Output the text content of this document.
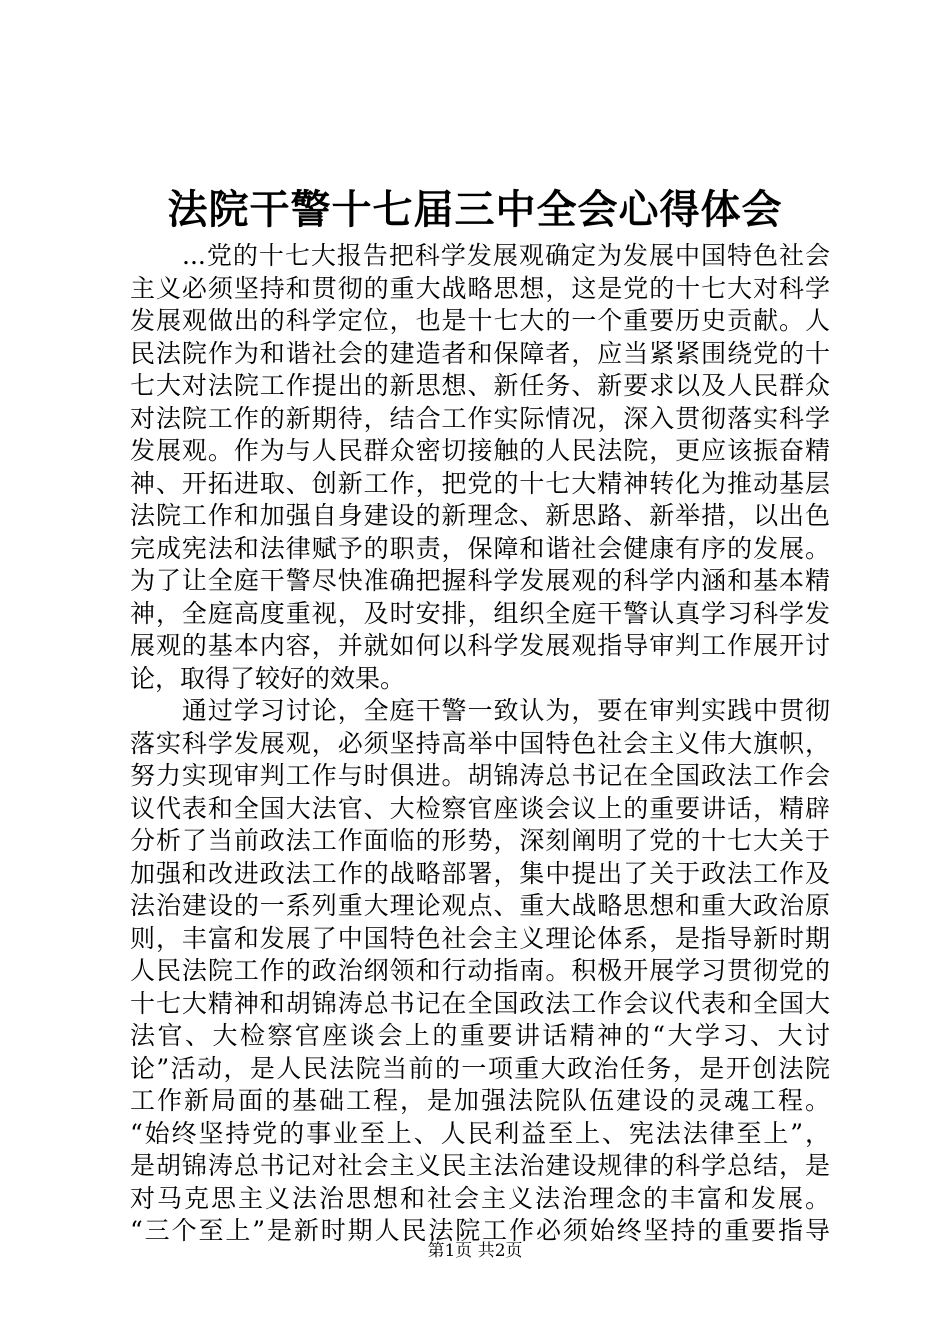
法院干警十七届三中全会心得体会
　　...党的十七大报告把科学发展观确定为发展中国特色社会
主义必须坚持和贯彻的重大战略思想，这是党的十七大对科学
发展观做出的科学定位，也是十七大的一个重要历史贡献。人
民法院作为和谐社会的建造者和保障者，应当紧紧围绕党的十
七大对法院工作提出的新思想、新任务、新要求以及人民群众
对法院工作的新期待，结合工作实际情况，深入贯彻落实科学
发展观。作为与人民群众密切接触的人民法院，更应该振奋精
神、开拓进取、创新工作，把党的十七大精神转化为推动基层
法院工作和加强自身建设的新理念、新思路、新举措，以出色
完成宪法和法律赋予的职责，保障和谐社会健康有序的发展。
为了让全庭干警尽快准确把握科学发展观的科学内涵和基本精
神，全庭高度重视，及时安排，组织全庭干警认真学习科学发
展观的基本内容，并就如何以科学发展观指导审判工作展开讨
论，取得了较好的效果。
　　通过学习讨论，全庭干警一致认为，要在审判实践中贯彻
落实科学发展观，必须坚持高举中国特色社会主义伟大旗帜，
努力实现审判工作与时俱进。胡锦涛总书记在全国政法工作会
议代表和全国大法官、大检察官座谈会议上的重要讲话，精辟
分析了当前政法工作面临的形势，深刻阐明了党的十七大关于
加强和改进政法工作的战略部署，集中提出了关于政法工作及
法治建设的一系列重大理论观点、重大战略思想和重大政治原
则，丰富和发展了中国特色社会主义理论体系，是指导新时期
人民法院工作的政治纲领和行动指南。积极开展学习贯彻党的
十七大精神和胡锦涛总书记在全国政法工作会议代表和全国大
法官、大检察官座谈会上的重要讲话精神的“大学习、大讨
论”活动，是人民法院当前的一项重大政治任务，是开创法院
工作新局面的基础工程，是加强法院队伍建设的灵魂工程。
“始终坚持党的事业至上、人民利益至上、宪法法律至上”，
是胡锦涛总书记对社会主义民主法治建设规律的科学总结，是
对马克思主义法治思想和社会主义法治理念的丰富和发展。
“三个至上”是新时期人民法院工作必须始终坚持的重要指导
第1页 共2页
